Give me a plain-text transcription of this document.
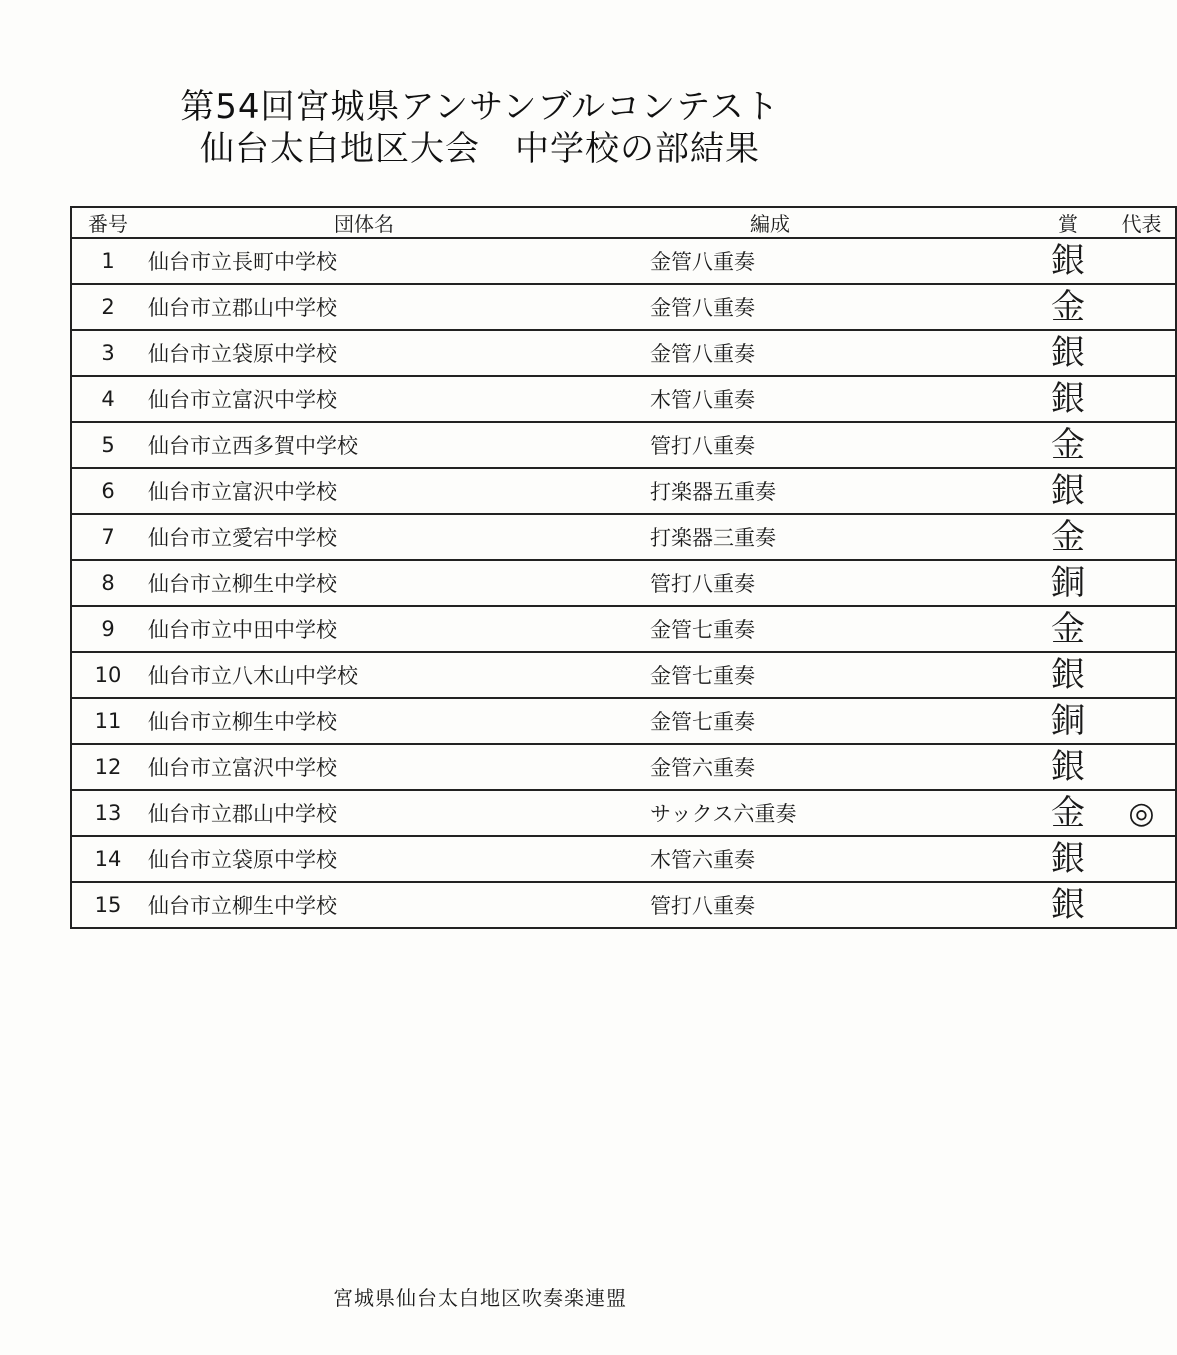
第54回宮城県アンサンブルコンテスト
仙台太白地区大会　中学校の部結果
番号	団体名	編成	賞	代表
1	仙台市立長町中学校	金管八重奏	銀	
2	仙台市立郡山中学校	金管八重奏	金	
3	仙台市立袋原中学校	金管八重奏	銀	
4	仙台市立富沢中学校	木管八重奏	銀	
5	仙台市立西多賀中学校	管打八重奏	金	
6	仙台市立富沢中学校	打楽器五重奏	銀	
7	仙台市立愛宕中学校	打楽器三重奏	金	
8	仙台市立柳生中学校	管打八重奏	銅	
9	仙台市立中田中学校	金管七重奏	金	
10	仙台市立八木山中学校	金管七重奏	銀	
11	仙台市立柳生中学校	金管七重奏	銅	
12	仙台市立富沢中学校	金管六重奏	銀	
13	仙台市立郡山中学校	サックス六重奏	金	◎
14	仙台市立袋原中学校	木管六重奏	銀	
15	仙台市立柳生中学校	管打八重奏	銀	
宮城県仙台太白地区吹奏楽連盟
